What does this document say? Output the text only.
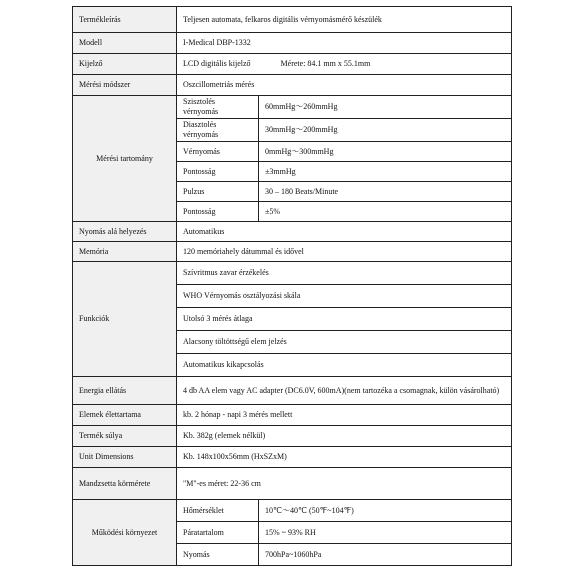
Termékleírás	Teljesen automata, felkaros digitális vérnyomásmérő készülék	
Modell	I-Medical DBP-1332	
Kijelző	LCD digitális kijelző Mérete: 84.1 mm x 55.1mm	
Mérési módszer	Oszcillometriás mérés	
Mérési tartomány	Szisztolés vérnyomás	60mmHg～260mmHg
	Diasztolés vérnyomás	30mmHg～200mmHg
	Vérnyomás	0mmHg～300mmHg
	Pontosság	±3mmHg
	Pulzus	30 – 180 Beats/Minute
	Pontosság	±5%
Nyomás alá helyezés	Automatikus	
Memória	120 memóriahely dátummal és idővel	
Funkciók	Szívritmus zavar érzékelés	
	WHO Vérnyomás osztályozási skála	
	Utolsó 3 mérés átlaga	
	Alacsony töltöttségű elem jelzés	
	Automatikus kikapcsolás	
Energia ellátás	4 db AA elem vagy AC adapter (DC6.0V, 600mA)(nem tartozéka a csomagnak, külön vásárolható)	
Elemek élettartama	kb. 2 hónap - napi 3 mérés mellett	
Termék súlya	Kb. 382g (elemek nélkül)	
Unit Dimensions	Kb. 148x100x56mm (HxSZxM)	
Mandzsetta körmérete	"M"-es méret: 22-36 cm	
Működési környezet	Hőmérséklet	10℃～40℃ (50℉~104℉)
	Páratartalom	15% ~ 93% RH
	Nyomás	700hPa~1060hPa
